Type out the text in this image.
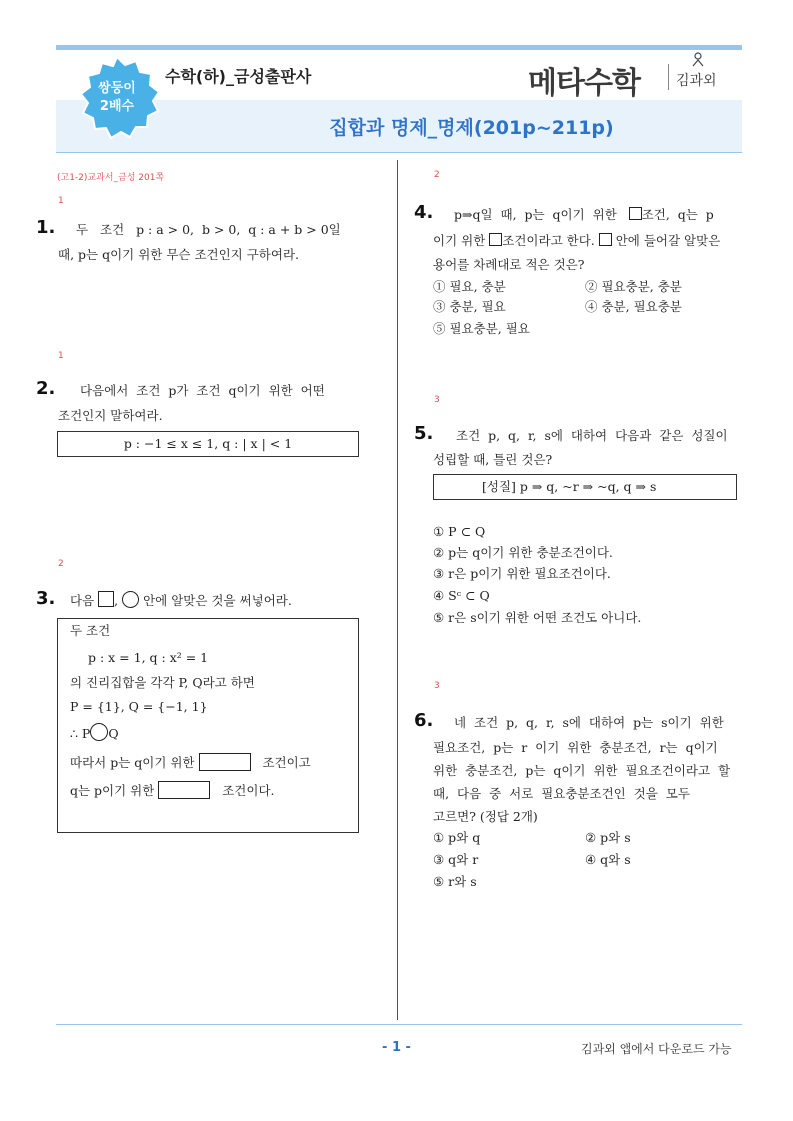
쌍둥이
2배수
수학(하)_금성출판사
집합과 명제_명제(201p~211p)
메타수학	김과외
(고1-2)교과서_금성 201쪽
1
1. 두   조건   p : a > 0,  b > 0,  q : a + b > 0일
때, p는 q이기 위한 무슨 조건인지 구하여라.
1
2. 다음에서  조건  p가  조건  q이기  위한  어떤
조건인지 말하여라.
p : −1 ≤ x ≤ 1, q : | x | < 1
2
3. 다음 , 안에 알맞은 것을 써넣어라.
두 조건
p : x = 1, q : x² = 1
의 진리집합을 각각 P, Q라고 하면
P = {1}, Q = {−1, 1}
∴ P Q
따라서 p는 q이기 위한	조건이고
q는 p이기 위한	조건이다.
2
4. p⇒q일  때,  p는  q이기  위한 조건,  q는  p
이기 위한 조건이라고 한다. 안에 들어갈 알맞은
용어를 차례대로 적은 것은?
① 필요, 충분	② 필요충분, 충분
③ 충분, 필요	④ 충분, 필요충분
⑤ 필요충분, 필요
3
5. 조건  p,  q,  r,  s에  대하여  다음과  같은  성질이
성립할 때, 틀린 것은?
[성질] p ⇒ q, ~r ⇒ ~q, q ⇒ s
① P ⊂ Q
② p는 q이기 위한 충분조건이다.
③ r은 p이기 위한 필요조건이다.
④ Sᶜ ⊂ Q
⑤ r은 s이기 위한 어떤 조건도 아니다.
3
6. 네  조건  p,  q,  r,  s에  대하여  p는  s이기  위한
필요조건,  p는  r  이기  위한  충분조건,  r는  q이기
위한  충분조건,  p는  q이기  위한  필요조건이라고  할
때,  다음  중  서로  필요충분조건인  것을  모두
고르면? (정답 2개)
① p와 q	② p와 s
③ q와 r	④ q와 s
⑤ r와 s
- 1 -	김과외 앱에서 다운로드 가능
